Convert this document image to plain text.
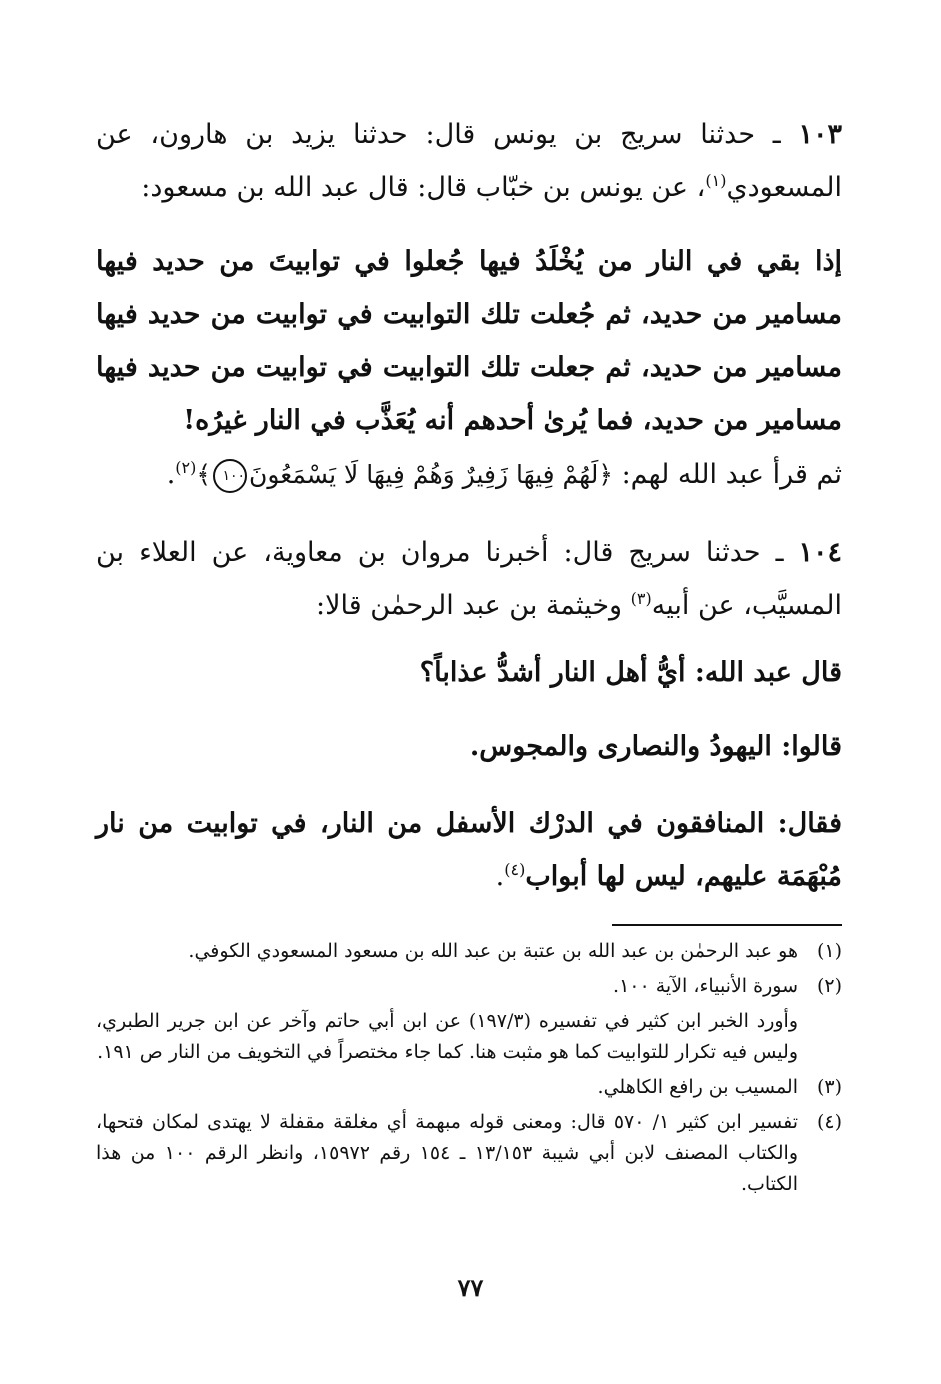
١٠٣ ـ حدثنا سريج بن يونس قال: حدثنا يزيد بن هارون، عن المسعودي$^{(١)}$، عن يونس بن خبّاب قال: قال عبد الله بن مسعود:
إذا بقي في النار من يُخْلَدُ فيها جُعلوا في توابيتَ من حديد فيها مسامير من حديد، ثم جُعلت تلك التوابيت في توابيت من حديد فيها مسامير من حديد، ثم جعلت تلك التوابيت في توابيت من حديد فيها مسامير من حديد، فما يُرىٰ أحدهم أنه يُعَذَّب في النار غيرُه!
ثم قرأ عبد الله لهم: ﴿لَهُمْ فِيهَا زَفِيرٌ وَهُمْ فِيهَا لَا يَسْمَعُونَ١٠٠﴾$^{(٢)}$.
١٠٤ ـ حدثنا سريج قال: أخبرنا مروان بن معاوية، عن العلاء بن المسيَّب، عن أبيه$^{(٣)}$ وخيثمة بن عبد الرحمٰن قالا:
قال عبد الله: أيُّ أهل النار أشدُّ عذاباً؟
قالوا: اليهودُ والنصارى والمجوس.
فقال: المنافقون في الدرْك الأسفل من النار، في توابيت من نار مُبْهَمَة عليهم، ليس لها أبواب$^{(٤)}$.
(١)
هو عبد الرحمٰن بن عبد الله بن عتبة بن عبد الله بن مسعود المسعودي الكوفي.
(٢)
سورة الأنبياء، الآية ١٠٠.
وأورد الخبر ابن كثير في تفسيره (١٩٧/٣) عن ابن أبي حاتم وآخر عن ابن جرير الطبري، وليس فيه تكرار للتوابيت كما هو مثبت هنا. كما جاء مختصراً في التخويف من النار ص ١٩١.
(٣)
المسيب بن رافع الكاهلي.
(٤)
تفسير ابن كثير ١/ ٥٧٠ قال: ومعنى قوله مبهمة أي مغلقة مقفلة لا يهتدى لمكان فتحها، والكتاب المصنف لابن أبي شيبة ١٣/١٥٣ ـ ١٥٤ رقم ١٥٩٧٢، وانظر الرقم ١٠٠ من هذا الكتاب.
٧٧
